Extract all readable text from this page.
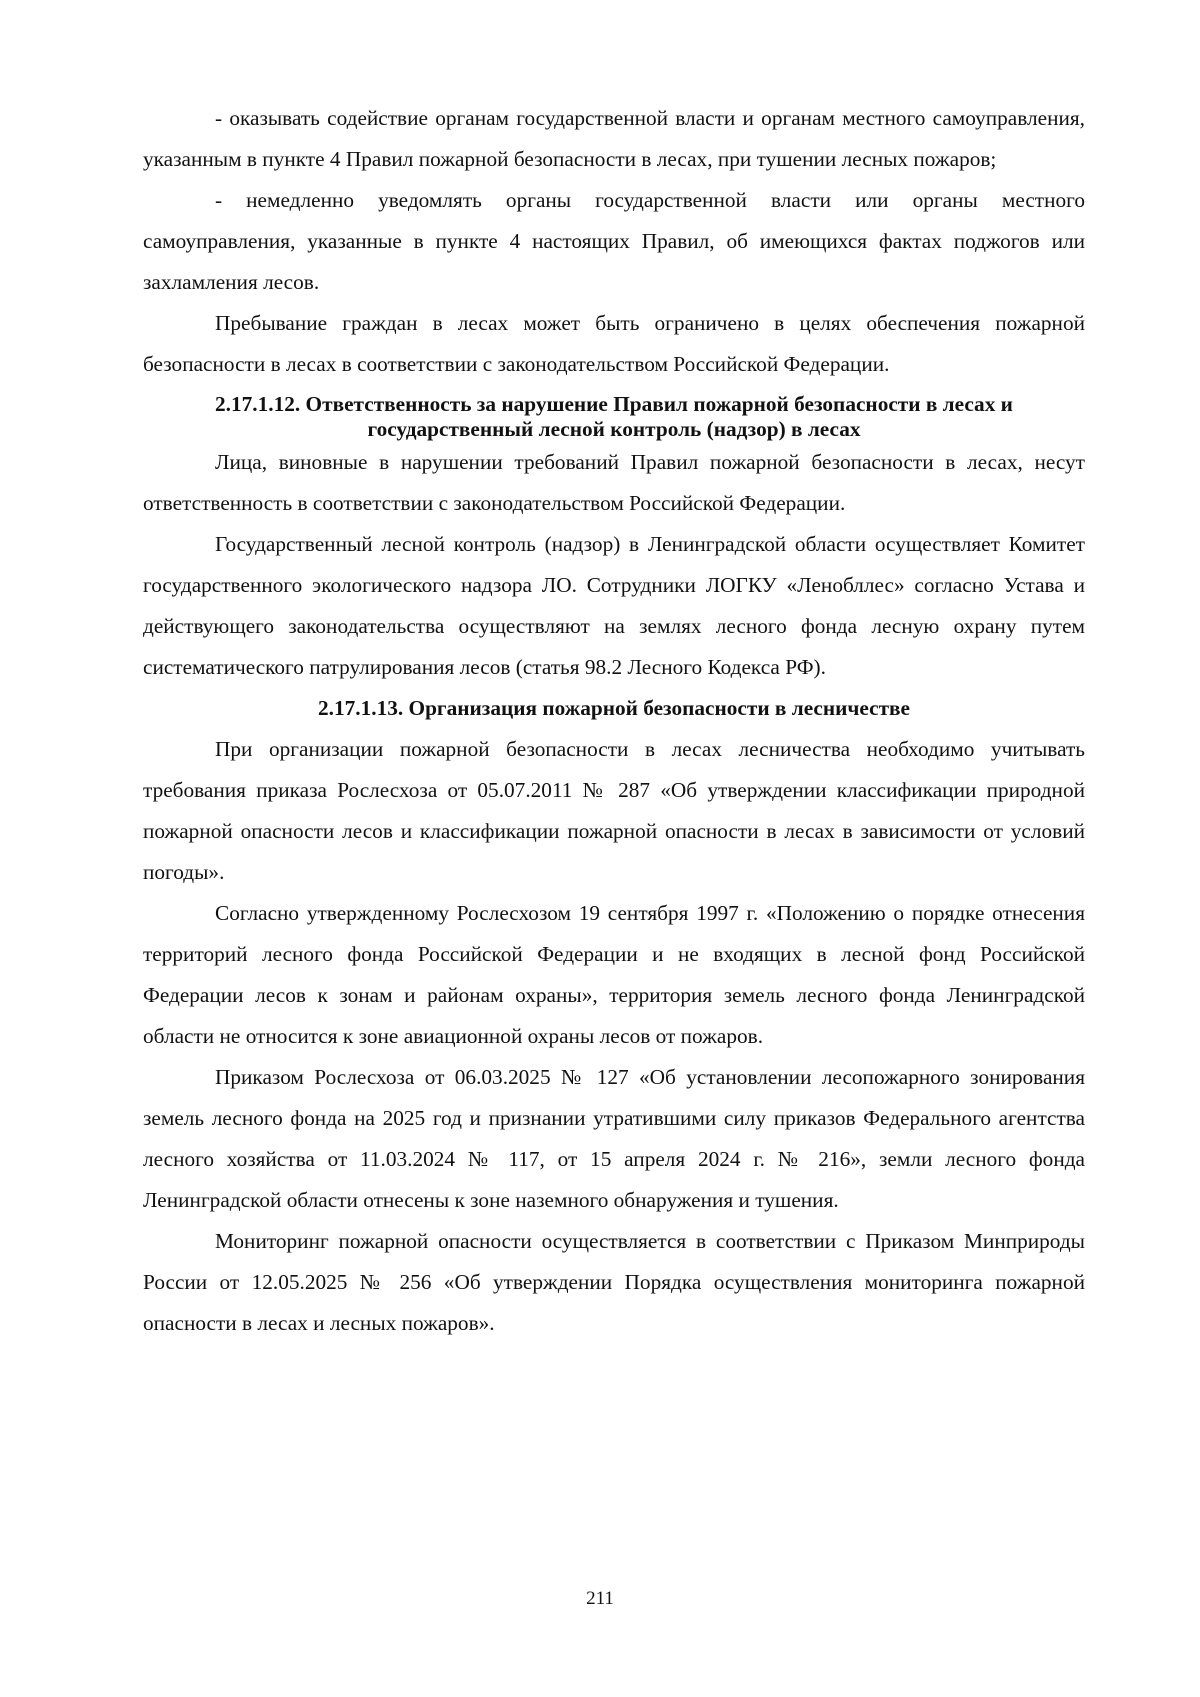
- оказывать содействие органам государственной власти и органам местного самоуправления, указанным в пункте 4 Правил пожарной безопасности в лесах, при тушении лесных пожаров;

- немедленно уведомлять органы государственной власти или органы местного самоуправления, указанные в пункте 4 настоящих Правил, об имеющихся фактах поджогов или захламления лесов.

Пребывание граждан в лесах может быть ограничено в целях обеспечения пожарной безопасности в лесах в соответствии с законодательством Российской Федерации.

2.17.1.12. Ответственность за нарушение Правил пожарной безопасности в лесах и
государственный лесной контроль (надзор) в лесах

Лица, виновные в нарушении требований Правил пожарной безопасности в лесах, несут ответственность в соответствии с законодательством Российской Федерации.

Государственный лесной контроль (надзор) в Ленинградской области осуществляет Комитет государственного экологического надзора ЛО. Сотрудники ЛОГКУ «Ленобллес» согласно Устава и действующего законодательства осуществляют на землях лесного фонда лесную охрану путем систематического патрулирования лесов (статья 98.2 Лесного Кодекса РФ).

2.17.1.13. Организация пожарной безопасности в лесничестве

При организации пожарной безопасности в лесах лесничества необходимо учитывать требования приказа Рослесхоза от 05.07.2011 № 287 «Об утверждении классификации природной пожарной опасности лесов и классификации пожарной опасности в лесах в зависимости от условий погоды».

Согласно утвержденному Рослесхозом 19 сентября 1997 г. «Положению о порядке отнесения территорий лесного фонда Российской Федерации и не входящих в лесной фонд Российской Федерации лесов к зонам и районам охраны», территория земель лесного фонда Ленинградской области не относится к зоне авиационной охраны лесов от пожаров.

Приказом Рослесхоза от 06.03.2025 № 127 «Об установлении лесопожарного зонирования земель лесного фонда на 2025 год и признании утратившими силу приказов Федерального агентства лесного хозяйства от 11.03.2024 № 117, от 15 апреля 2024 г. № 216», земли лесного фонда Ленинградской области отнесены к зоне наземного обнаружения и тушения.

Мониторинг пожарной опасности осуществляется в соответствии с Приказом Минприроды России от 12.05.2025 № 256 «Об утверждении Порядка осуществления мониторинга пожарной опасности в лесах и лесных пожаров».

211
